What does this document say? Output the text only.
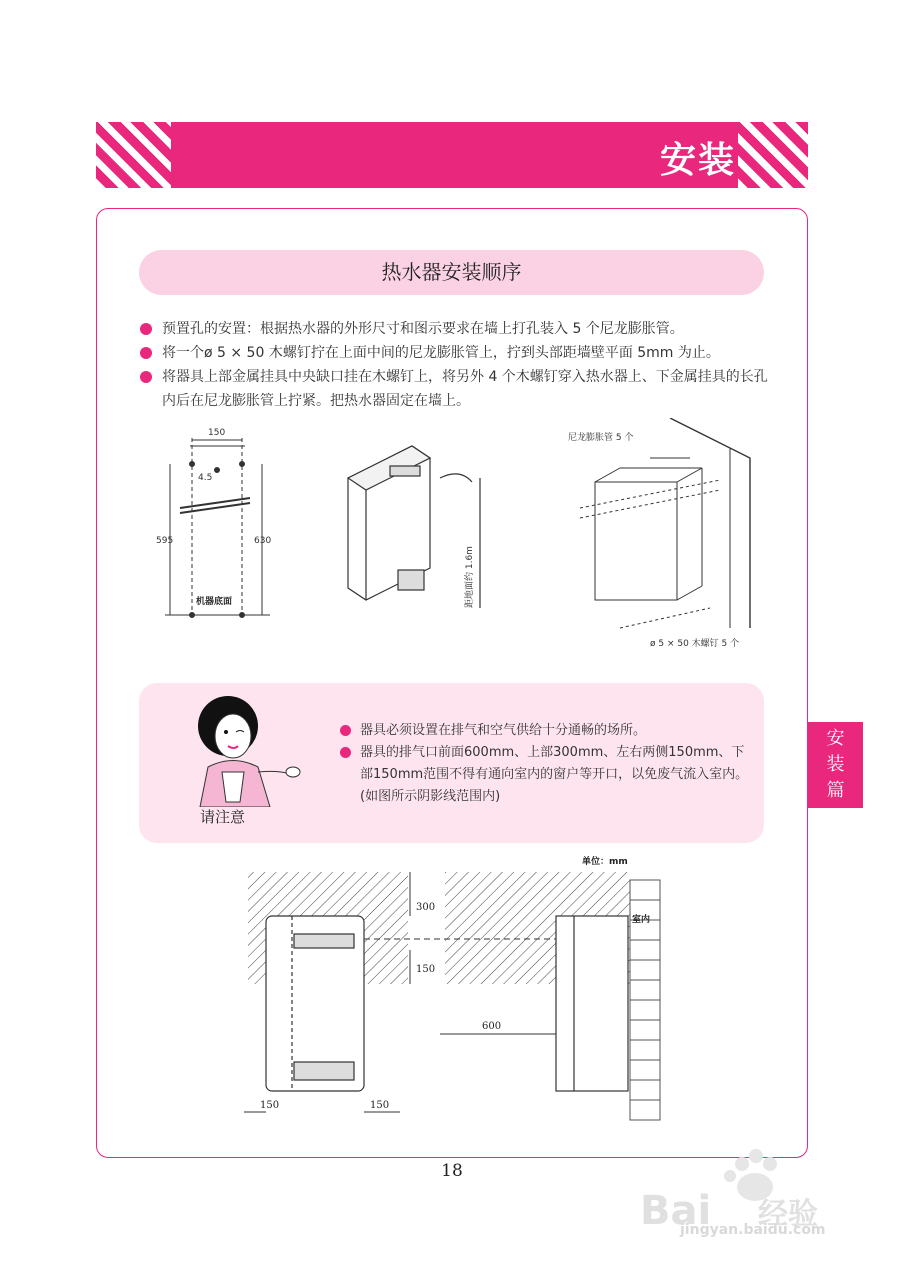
安装
热水器安装顺序
预置孔的安置：根据热水器的外形尺寸和图示要求在墙上打孔装入 5 个尼龙膨胀管。
将一个ø 5 × 50 木螺钉拧在上面中间的尼龙膨胀管上，拧到头部距墙壁平面 5mm 为止。
将器具上部金属挂具中央缺口挂在木螺钉上，将另外 4 个木螺钉穿入热水器上、下金属挂具的长孔内后在尼龙膨胀管上拧紧。把热水器固定在墙上。
150
4.5
595	630
机器底面	距地面约 1.6m
尼龙膨胀管 5 个
ø 5 × 50 木螺钉 5 个
请注意
器具必须设置在排气和空气供给十分通畅的场所。
器具的排气口前面600mm、上部300mm、左右两侧150mm、下部150mm范围不得有通向室内的窗户等开口，以免废气流入室内。(如图所示阴影线范围内)
安
装
篇
单位：mm
300
150
600
150	150
室内
18
Bai 经验
jingyan.baidu.com
